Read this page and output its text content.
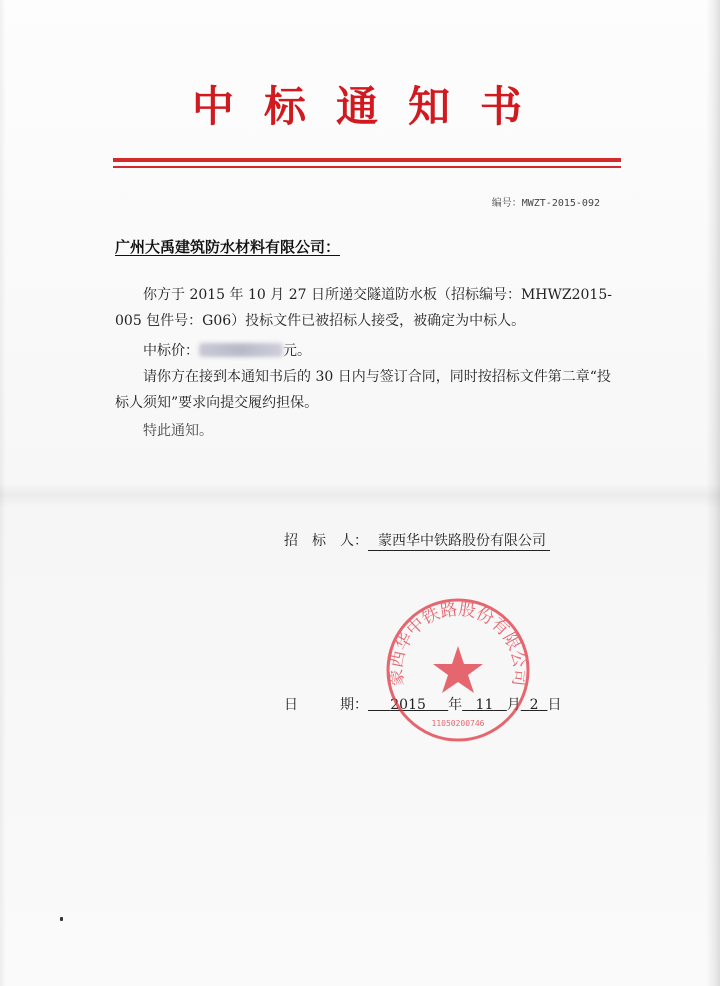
中标通知书
编号：MWZT-2015-092
广州大禹建筑防水材料有限公司：
你方于 2015 年 10 月 27 日所递交隧道防水板（招标编号：MHWZ2015-005 包件号：G06）投标文件已被招标人接受，被确定为中标人。
中标价：	元。
请你方在接到本通知书后的 30 日内与签订合同，同时按招标文件第二章“投标人须知”要求向提交履约担保。
特此通知。
招　标　人： 蒙西华中铁路股份有限公司
日　　　期： 2015 年 11 月 2 日
蒙西华中铁路股份有限公司
11050200746
